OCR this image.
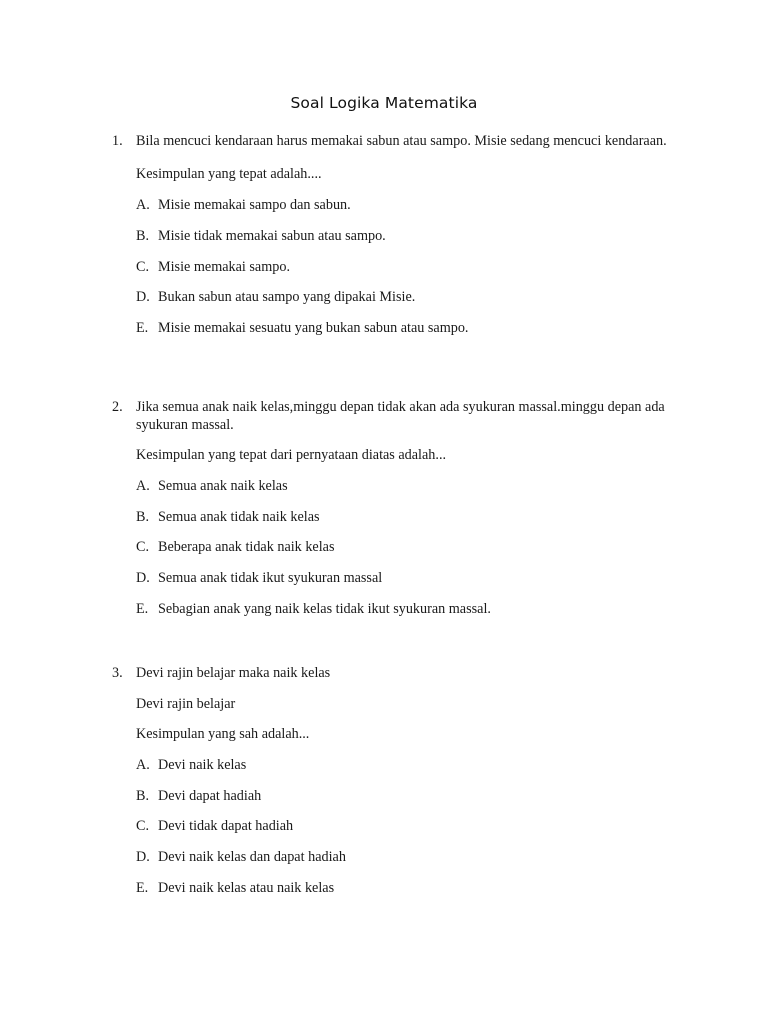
Soal Logika Matematika
1. Bila mencuci kendaraan harus memakai sabun atau sampo. Misie sedang mencuci kendaraan.
Kesimpulan yang tepat adalah....
A. Misie memakai sampo dan sabun.
B. Misie tidak memakai sabun atau sampo.
C. Misie memakai sampo.
D. Bukan sabun atau sampo yang dipakai Misie.
E. Misie memakai sesuatu yang bukan sabun atau sampo.
2. Jika semua anak naik kelas,minggu depan tidak akan ada syukuran massal.minggu depan ada syukuran massal.
Kesimpulan yang tepat dari pernyataan diatas adalah...
A. Semua anak naik kelas
B. Semua anak tidak naik kelas
C. Beberapa anak tidak naik kelas
D. Semua anak tidak ikut syukuran massal
E. Sebagian anak yang naik kelas tidak ikut syukuran massal.
3. Devi rajin belajar maka naik kelas
Devi rajin belajar
Kesimpulan yang sah adalah...
A. Devi naik kelas
B. Devi dapat hadiah
C. Devi tidak dapat hadiah
D. Devi naik kelas dan dapat hadiah
E. Devi naik kelas atau naik kelas
